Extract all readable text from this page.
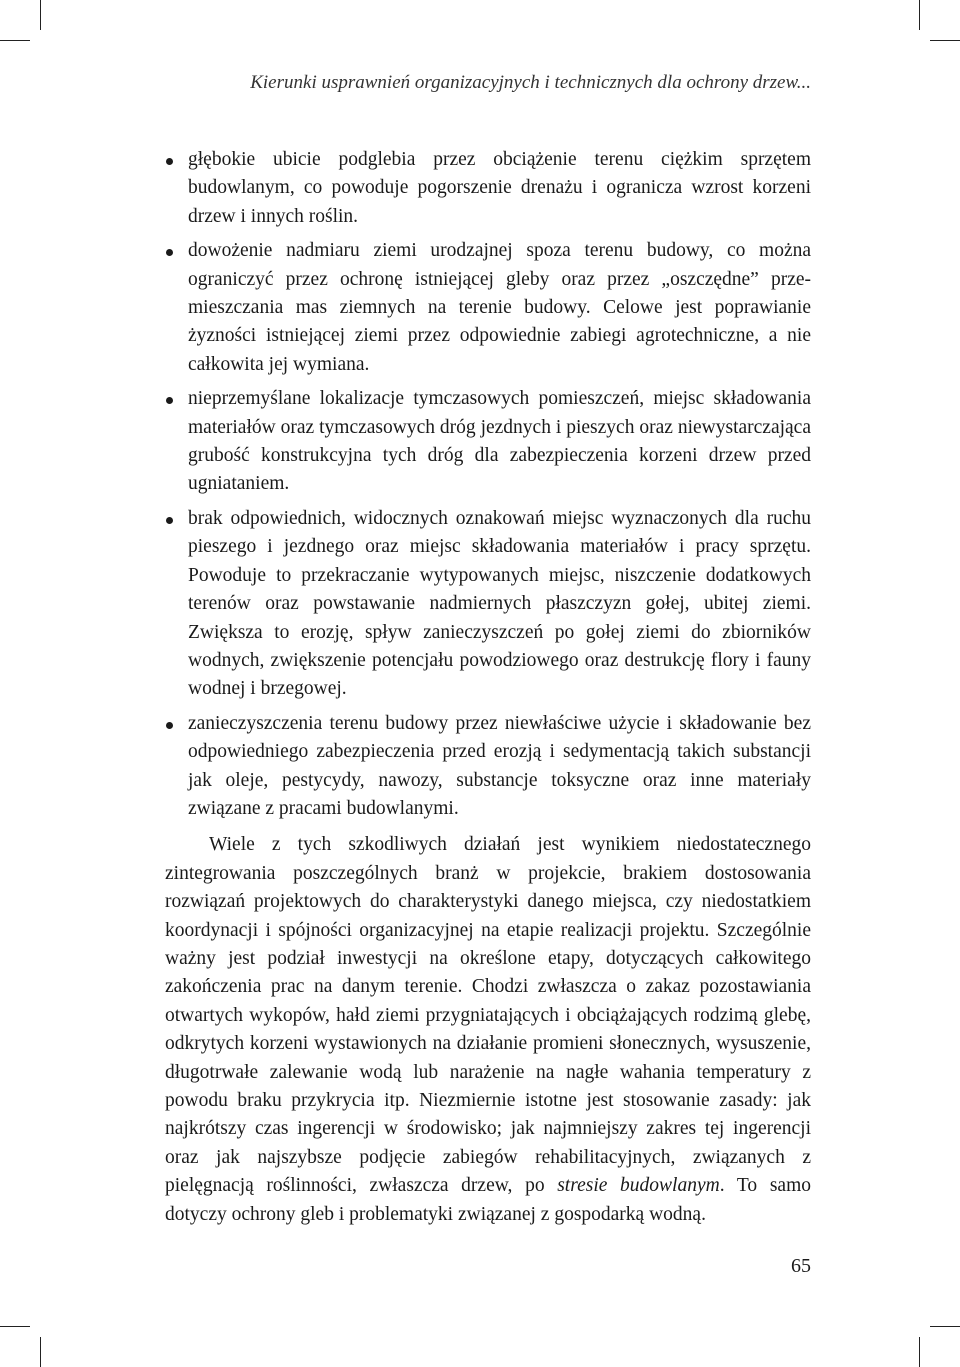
Kierunki usprawnień organizacyjnych i technicznych dla ochrony drzew...
głębokie ubicie podglebia przez obciążenie terenu ciężkim sprzętem budowlanym, co powoduje pogorszenie drenażu i ogranicza wzrost korzeni drzew i innych roślin.
dowożenie nadmiaru ziemi urodzajnej spoza terenu budowy, co można ograniczyć przez ochronę istniejącej gleby oraz przez „oszczędne” przemieszczania mas ziemnych na terenie budowy. Celowe jest poprawianie żyzności istniejącej ziemi przez odpowiednie zabiegi agrotechniczne, a nie całkowita jej wymiana.
nieprzemyślane lokalizacje tymczasowych pomieszczeń, miejsc składowania materiałów oraz tymczasowych dróg jezdnych i pieszych oraz niewystarczająca grubość konstrukcyjna tych dróg dla zabezpieczenia korzeni drzew przed ugniataniem.
brak odpowiednich, widocznych oznakowań miejsc wyznaczonych dla ruchu pieszego i jezdnego oraz miejsc składowania materiałów i pracy sprzętu. Powoduje to przekraczanie wytypowanych miejsc, niszczenie dodatkowych terenów oraz powstawanie nadmiernych płaszczyzn gołej, ubitej ziemi. Zwiększa to erozję, spływ zanieczyszczeń po gołej ziemi do zbiorników wodnych, zwiększenie potencjału powodziowego oraz destrukcję flory i fauny wodnej i brzegowej.
zanieczyszczenia terenu budowy przez niewłaściwe użycie i składowanie bez odpowiedniego zabezpieczenia przed erozją i sedymentacją takich substancji jak oleje, pestycydy, nawozy, substancje toksyczne oraz inne materiały związane z pracami budowlanymi.

Wiele z tych szkodliwych działań jest wynikiem niedostatecznego zintegrowania poszczególnych branż w projekcie, brakiem dostosowania rozwiązań projektowych do charakterystyki danego miejsca, czy niedostatkiem koordynacji i spójności organizacyjnej na etapie realizacji projektu. Szczególnie ważny jest podział inwestycji na określone etapy, dotyczących całkowitego zakończenia prac na danym terenie. Chodzi zwłaszcza o zakaz pozostawiania otwartych wykopów, hałd ziemi przygniatających i obciążających rodzimą glebę, odkrytych korzeni wystawionych na działanie promieni słonecznych, wysuszenie, długotrwałe zalewanie wodą lub narażenie na nagłe wahania temperatury z powodu braku przykrycia itp. Niezmiernie istotne jest stosowanie zasady: jak najkrótszy czas ingerencji w środowisko; jak najmniejszy zakres tej ingerencji oraz jak najszybsze podjęcie zabiegów rehabilitacyjnych, związanych z pielęgnacją roślinności, zwłaszcza drzew, po stresie budowlanym. To samo dotyczy ochrony gleb i problematyki związanej z gospodarką wodną.

65
